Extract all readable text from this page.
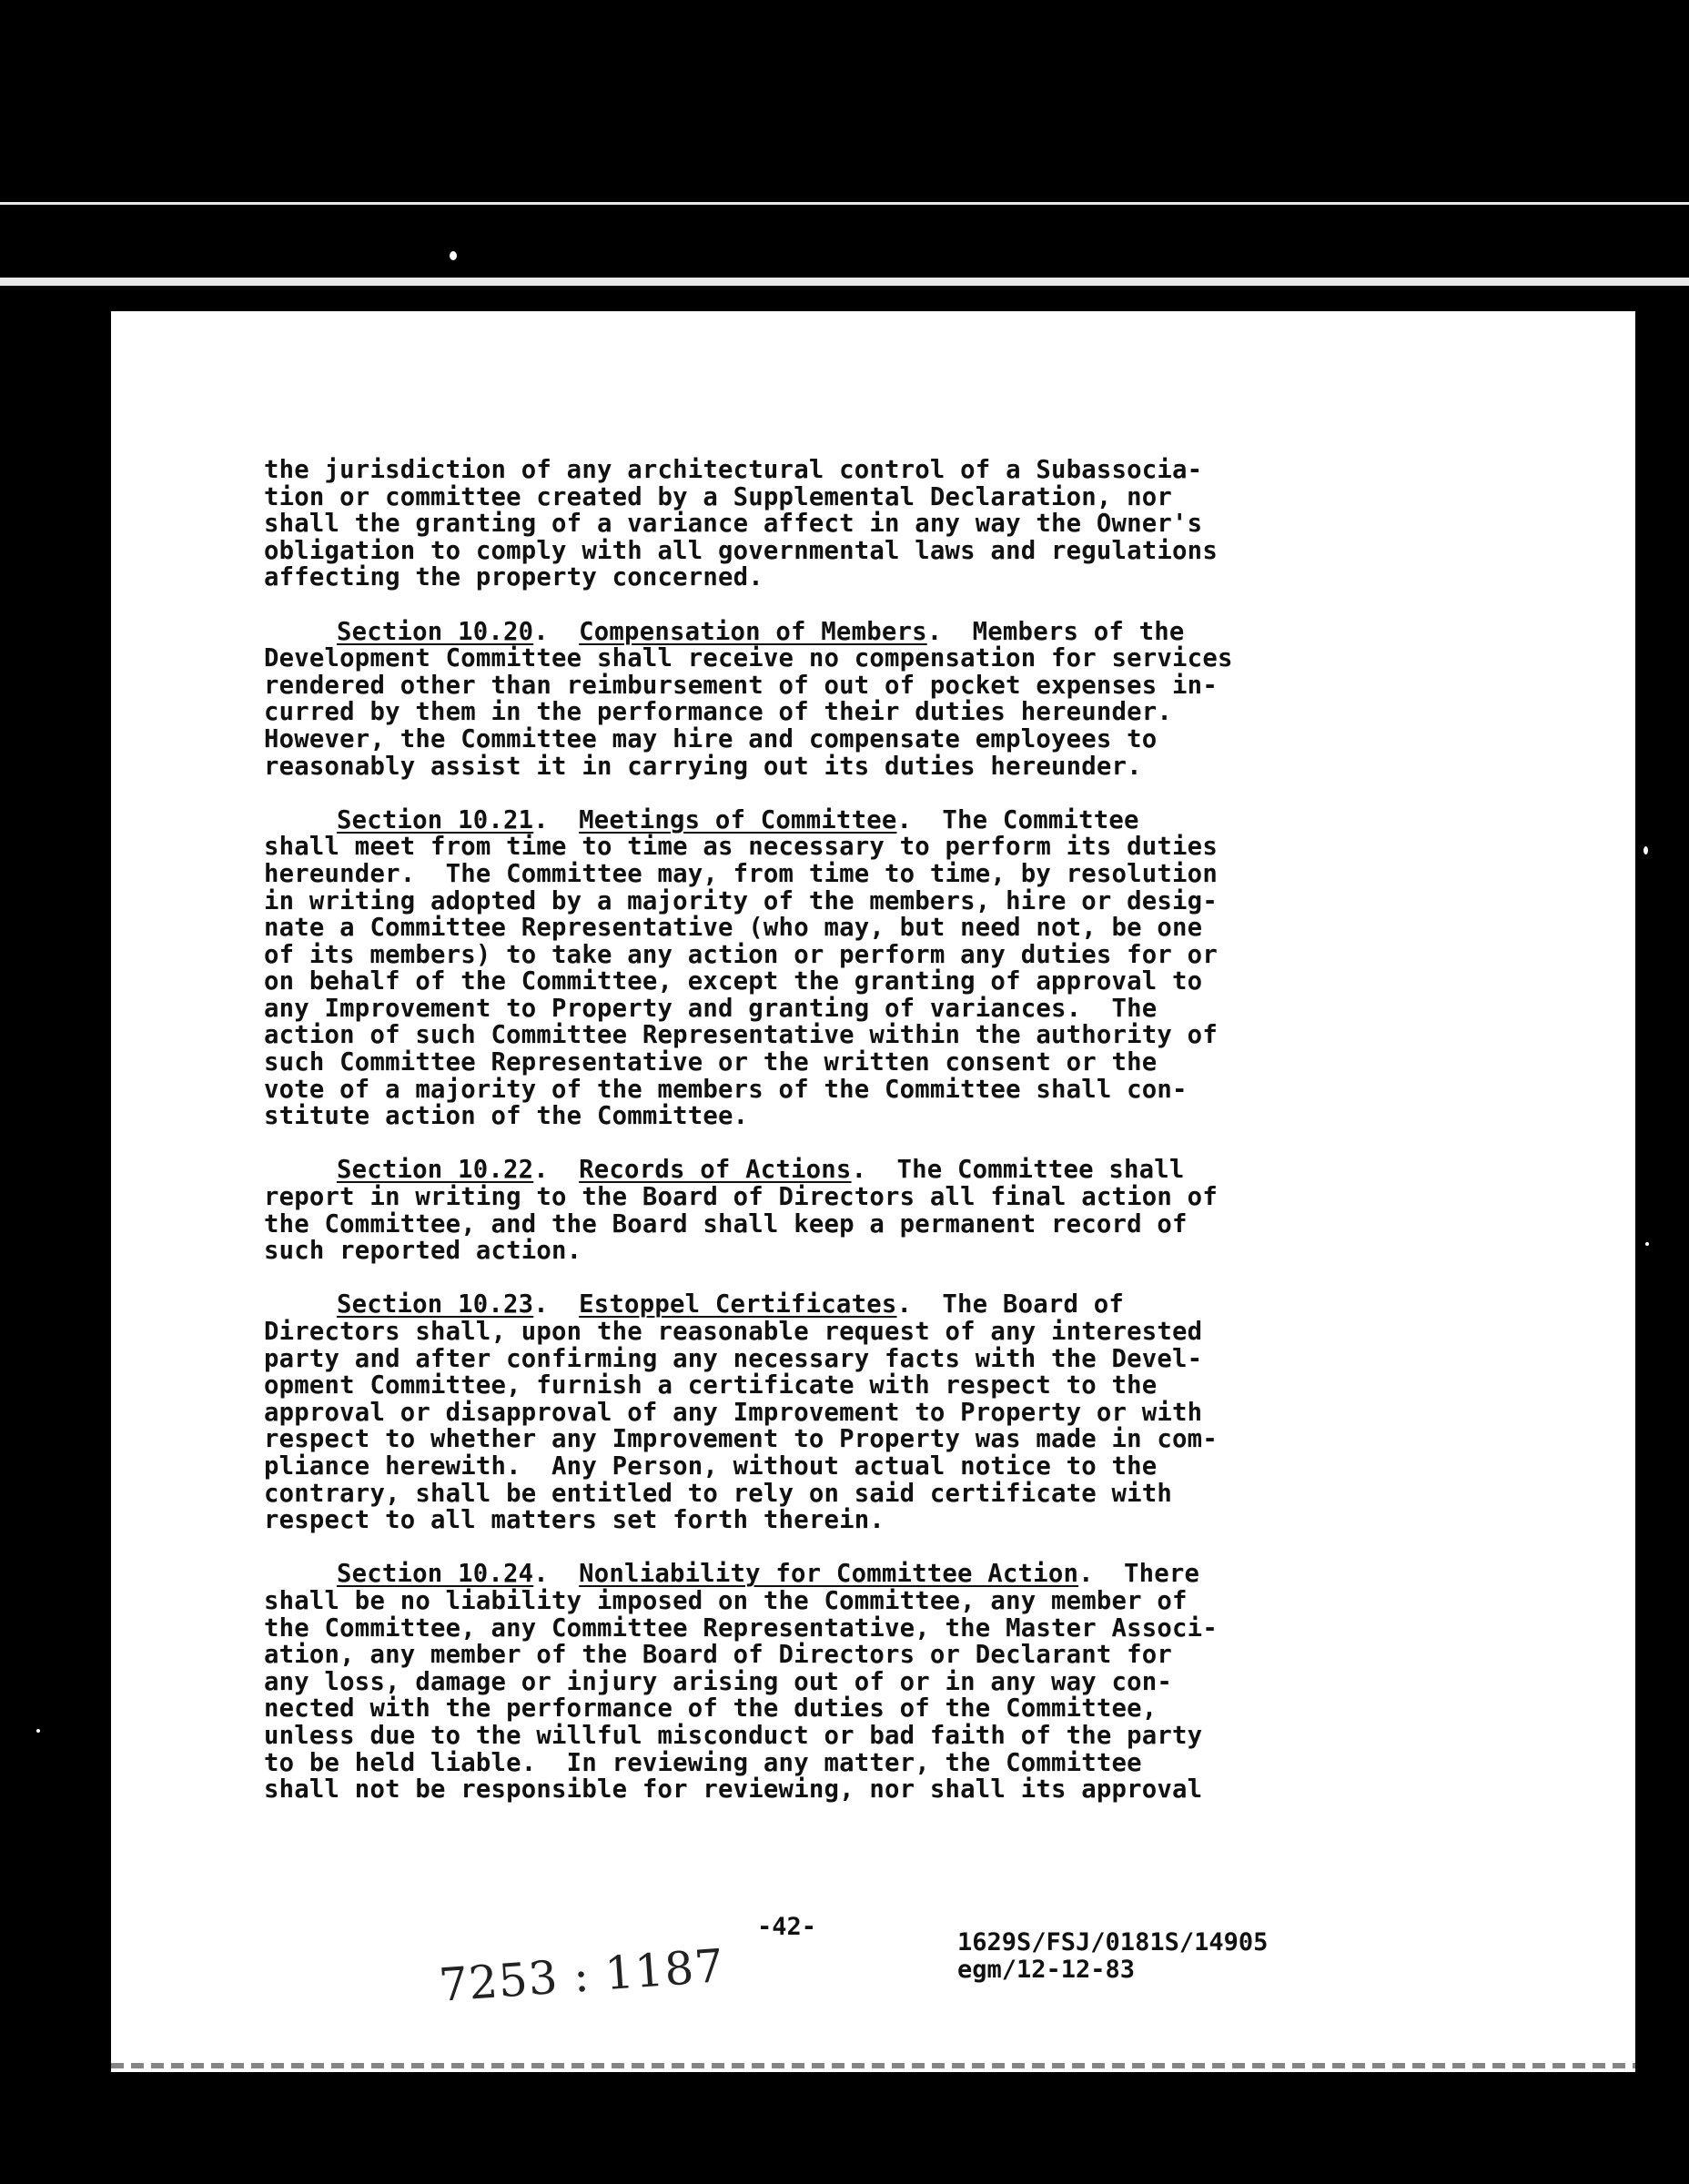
the jurisdiction of any architectural control of a Subassocia-
tion or committee created by a Supplemental Declaration, nor
shall the granting of a variance affect in any way the Owner's
obligation to comply with all governmental laws and regulations
affecting the property concerned.
Section 10.20.  Compensation of Members.  Members of the
Development Committee shall receive no compensation for services
rendered other than reimbursement of out of pocket expenses in-
curred by them in the performance of their duties hereunder.
However, the Committee may hire and compensate employees to
reasonably assist it in carrying out its duties hereunder.
Section 10.21.  Meetings of Committee.  The Committee
shall meet from time to time as necessary to perform its duties
hereunder.  The Committee may, from time to time, by resolution
in writing adopted by a majority of the members, hire or desig-
nate a Committee Representative (who may, but need not, be one
of its members) to take any action or perform any duties for or
on behalf of the Committee, except the granting of approval to
any Improvement to Property and granting of variances.  The
action of such Committee Representative within the authority of
such Committee Representative or the written consent or the
vote of a majority of the members of the Committee shall con-
stitute action of the Committee.
Section 10.22.  Records of Actions.  The Committee shall
report in writing to the Board of Directors all final action of
the Committee, and the Board shall keep a permanent record of
such reported action.
Section 10.23.  Estoppel Certificates.  The Board of
Directors shall, upon the reasonable request of any interested
party and after confirming any necessary facts with the Devel-
opment Committee, furnish a certificate with respect to the
approval or disapproval of any Improvement to Property or with
respect to whether any Improvement to Property was made in com-
pliance herewith.  Any Person, without actual notice to the
contrary, shall be entitled to rely on said certificate with
respect to all matters set forth therein.
Section 10.24.  Nonliability for Committee Action.  There
shall be no liability imposed on the Committee, any member of
the Committee, any Committee Representative, the Master Associ-
ation, any member of the Board of Directors or Declarant for
any loss, damage or injury arising out of or in any way con-
nected with the performance of the duties of the Committee,
unless due to the willful misconduct or bad faith of the party
to be held liable.  In reviewing any matter, the Committee
shall not be responsible for reviewing, nor shall its approval
-42-
1629S/FSJ/0181S/14905
egm/12-12-83
7253 : 1187
